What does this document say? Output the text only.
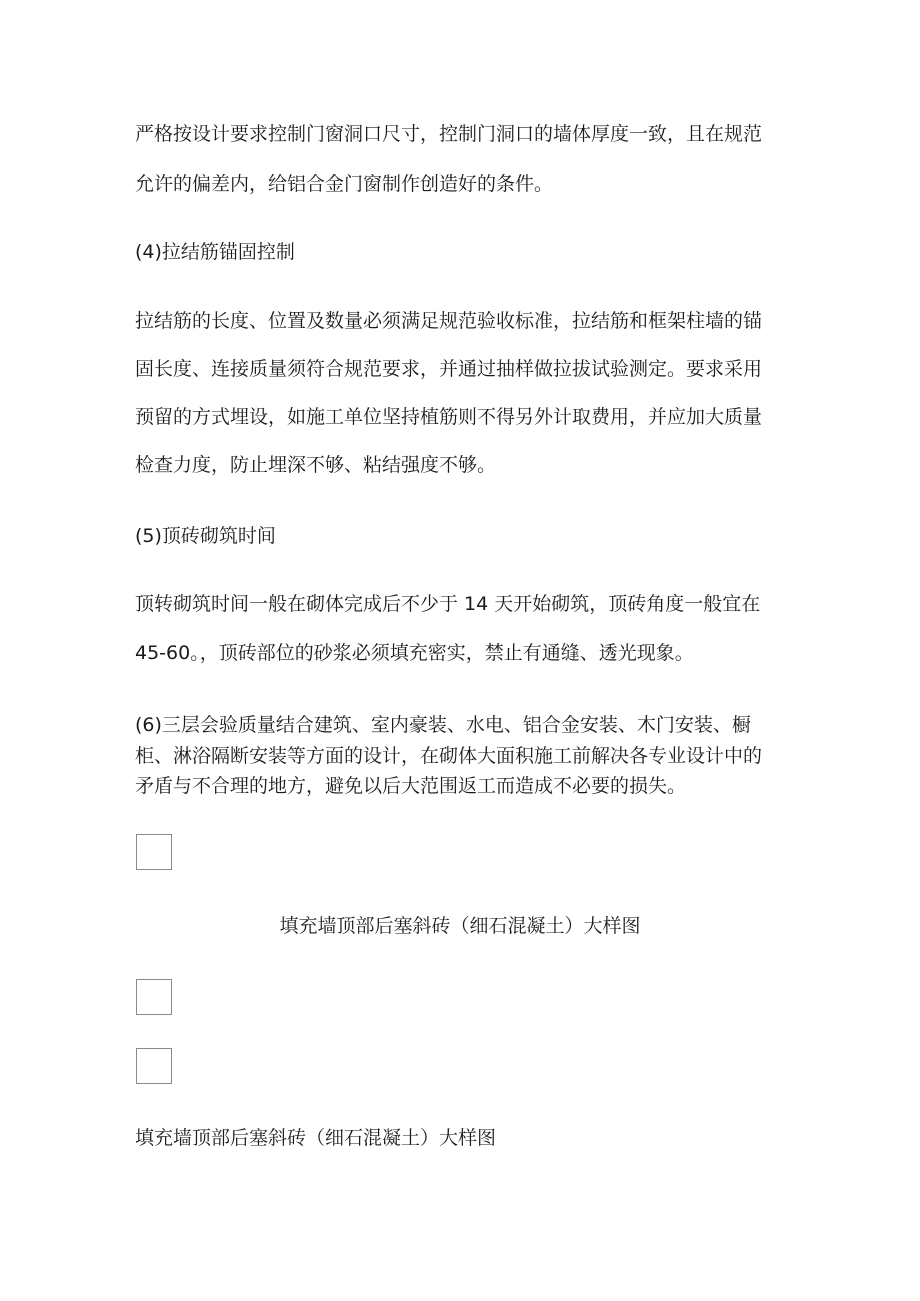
严格按设计要求控制门窗洞口尺寸，控制门洞口的墙体厚度一致，且在规范
允许的偏差内，给铝合金门窗制作创造好的条件。
(4)拉结筋锚固控制
拉结筋的长度、位置及数量必须满足规范验收标准，拉结筋和框架柱墙的锚
固长度、连接质量须符合规范要求，并通过抽样做拉拔试验测定。要求采用
预留的方式埋设，如施工单位坚持植筋则不得另外计取费用，并应加大质量
检查力度，防止埋深不够、粘结强度不够。
(5)顶砖砌筑时间
顶转砌筑时间一般在砌体完成后不少于 14 天开始砌筑，顶砖角度一般宜在
45-60。，顶砖部位的砂浆必须填充密实，禁止有通缝、透光现象。
(6)三层会验质量结合建筑、室内豪装、水电、铝合金安装、木门安装、橱
柜、淋浴隔断安装等方面的设计，在砌体大面积施工前解决各专业设计中的
矛盾与不合理的地方，避免以后大范围返工而造成不必要的损失。
填充墙顶部后塞斜砖（细石混凝土）大样图
填充墙顶部后塞斜砖（细石混凝土）大样图
